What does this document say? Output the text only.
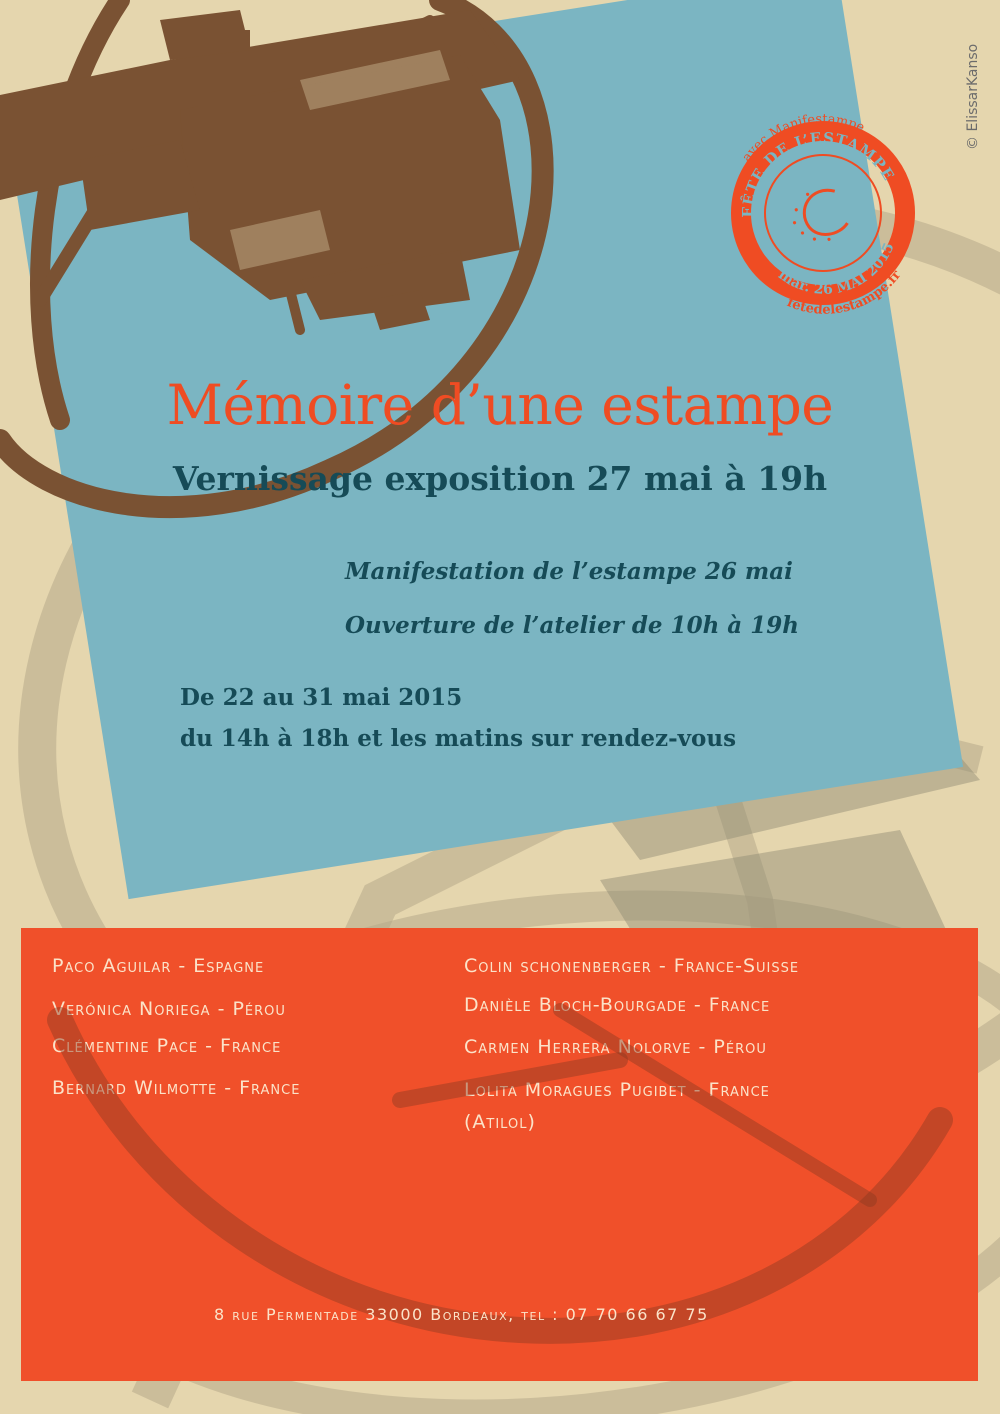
FÊTE DE L’ESTAMPE
mar. 26 MAI 2015
avec Manifestampe
fetedelestampe.fr
Mémoire d’une estampe
Vernissage exposition 27 mai à 19h
Manifestation de l’estampe 26 mai
Ouverture de l’atelier de 10h à 19h
De 22 au 31 mai 2015
du 14h à 18h et les matins sur rendez-vous
Paco Aguilar - Espagne
Verónica Noriega - Pérou
Clémentine Pace - France
Bernard Wilmotte - France
Colin schonenberger - France-Suisse
Danièle Bloch-Bourgade - France
Carmen Herrera Nolorve - Pérou
Lolita Moragues Pugibet - France
(Atilol)
8 rue Permentade 33000 Bordeaux, tel : 07 70 66 67 75
© ElissarKanso
